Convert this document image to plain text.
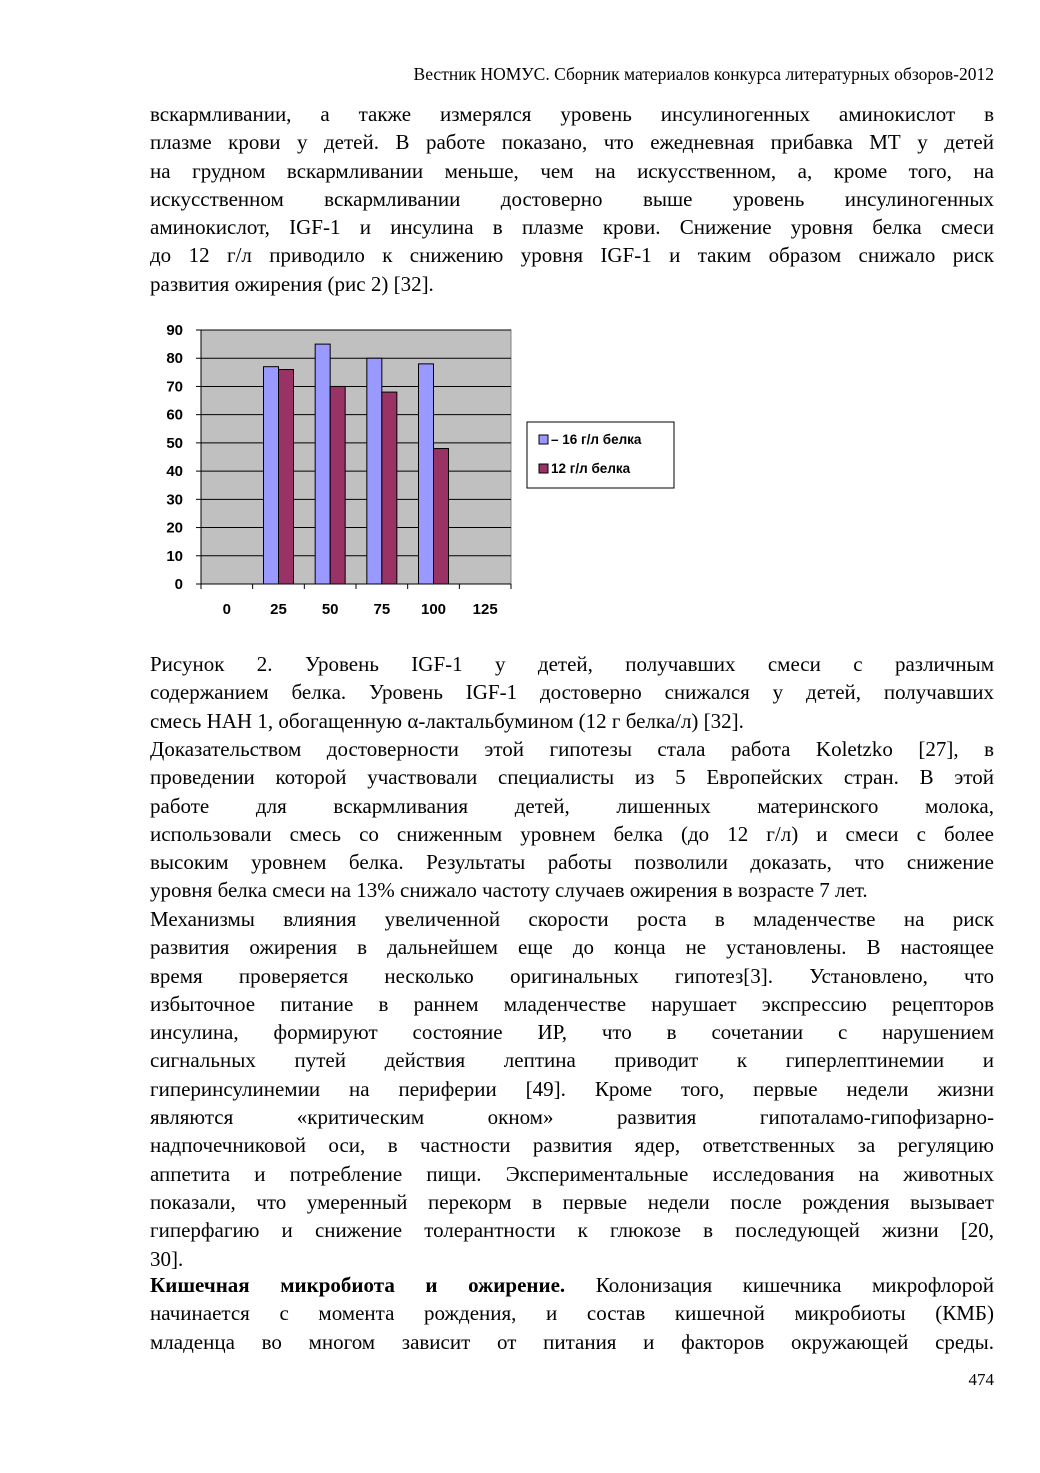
Вестник НОМУС. Сборник материалов конкурса литературных обзоров-2012
вскармливании, а также измерялся уровень инсулиногенных аминокислот в
плазме крови у детей. В работе показано, что ежедневная прибавка МТ у детей
на грудном вскармливании меньше, чем на искусственном, а, кроме того, на
искусственном вскармливании достоверно выше уровень инсулиногенных
аминокислот, IGF-1 и инсулина в плазме крови. Снижение уровня белка смеси
до 12 г/л приводило к снижению уровня IGF-1 и таким образом снижало риск
развития ожирения (рис 2) [32].
90
80
70
60
50
40
30
20
10
0
0	25 50 75 100 125
– 16 г/л белка
12 г/л белка
Рисунок 2. Уровень IGF-1 у детей, получавших смеси с различным
содержанием белка. Уровень IGF-1 достоверно снижался у детей, получавших
смесь НАН 1, обогащенную α-лактальбумином (12 г белка/л) [32].
Доказательством достоверности этой гипотезы стала работа Koletzko [27], в
проведении которой участвовали специалисты из 5 Европейских стран. В этой
работе для вскармливания детей, лишенных материнского молока,
использовали смесь со сниженным уровнем белка (до 12 г/л) и смеси с более
высоким уровнем белка. Результаты работы позволили доказать, что снижение
уровня белка смеси на 13% снижало частоту случаев ожирения в возрасте 7 лет.
Механизмы влияния увеличенной скорости роста в младенчестве на риск
развития ожирения в дальнейшем еще до конца не установлены. В настоящее
время проверяется несколько оригинальных гипотез[3]. Установлено, что
избыточное питание в раннем младенчестве нарушает экспрессию рецепторов
инсулина, формируют состояние ИР, что в сочетании с нарушением
сигнальных путей действия лептина приводит к гиперлептинемии и
гиперинсулинемии на периферии [49]. Кроме того, первые недели жизни
являются «критическим окном» развития гипоталамо-гипофизарно-
надпочечниковой оси, в частности развития ядер, ответственных за регуляцию
аппетита и потребление пищи. Экспериментальные исследования на животных
показали, что умеренный перекорм в первые недели после рождения вызывает
гиперфагию и снижение толерантности к глюкозе в последующей жизни [20,
30].
Кишечная микробиота и ожирение. Колонизация кишечника микрофлорой
начинается с момента рождения, и состав кишечной микробиоты (КМБ)
младенца во многом зависит от питания и факторов окружающей среды.
474
